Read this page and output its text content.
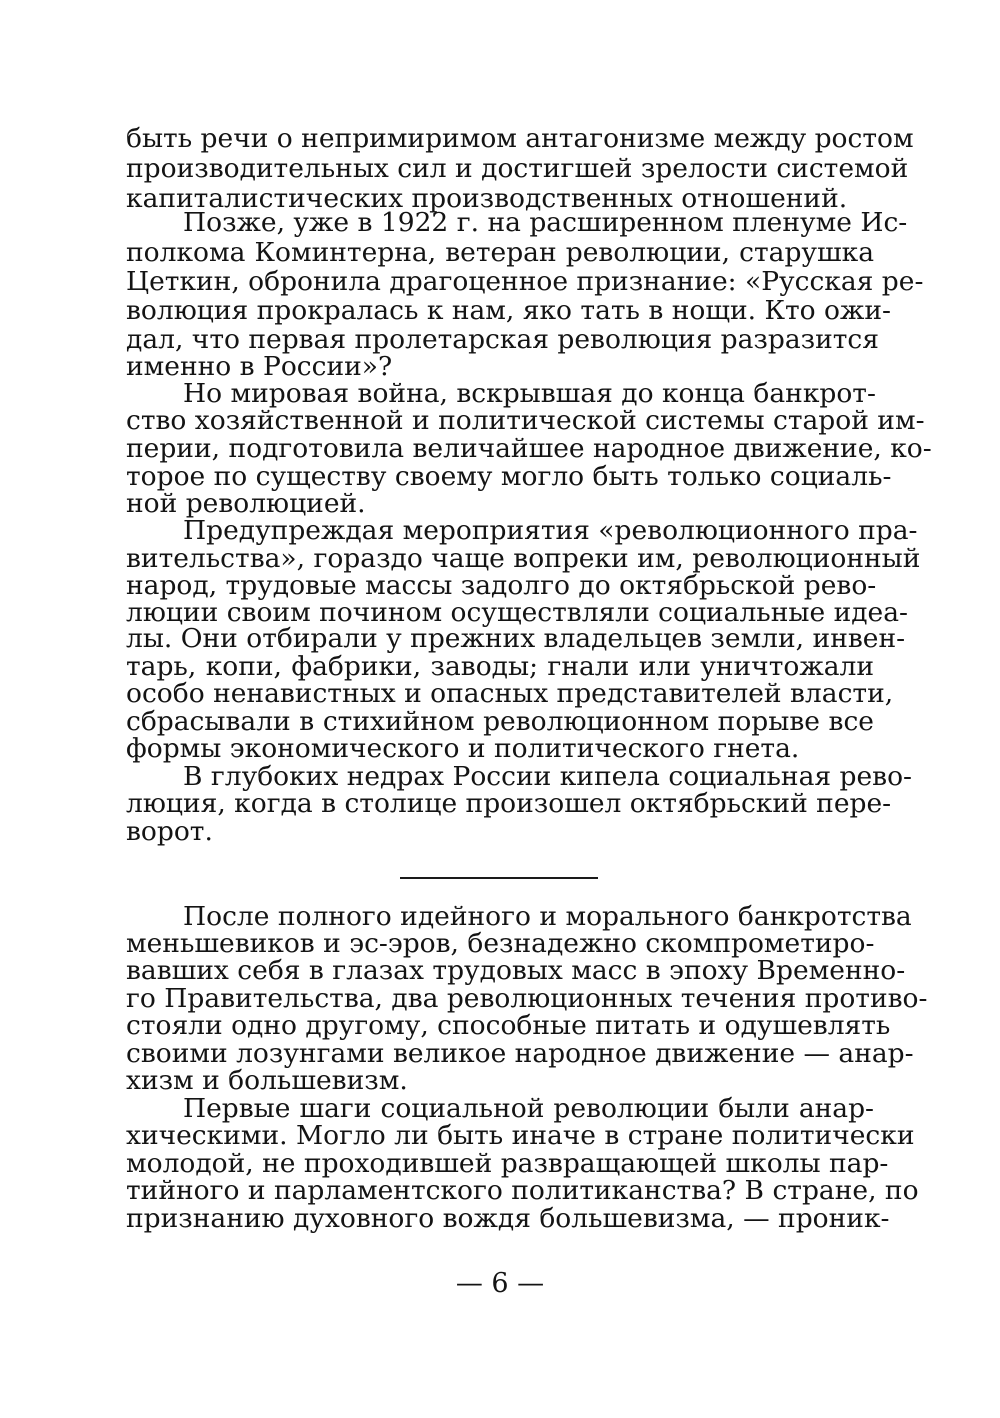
быть речи о непримиримом антагонизме между ростом
производительных сил и достигшей зрелости системой
капиталистических производственных отношений.
Позже, уже в 1922 г. на расширенном пленуме Ис-
полкома Коминтерна, ветеран революции, старушка
Цеткин, обронила драгоценное признание: «Русская ре-
волюция прокралась к нам, яко тать в нощи. Кто ожи-
дал, что первая пролетарская революция разразится
именно в России»?
Но мировая война, вскрывшая до конца банкрот-
ство хозяйственной и политической системы старой им-
перии, подготовила величайшее народное движение, ко-
торое по существу своему могло быть только социаль-
ной революцией.
Предупреждая мероприятия «революционного пра-
вительства», гораздо чаще вопреки им, революционный
народ, трудовые массы задолго до октябрьской рево-
люции своим почином осуществляли социальные идеа-
лы. Они отбирали у прежних владельцев земли, инвен-
тарь, копи, фабрики, заводы; гнали или уничтожали
особо ненавистных и опасных представителей власти,
сбрасывали в стихийном революционном порыве все
формы экономического и политического гнета.
В глубоких недрах России кипела социальная рево-
люция, когда в столице произошел октябрьский пере-
ворот.
После полного идейного и морального банкротства
меньшевиков и эс-эров, безнадежно скомпрометиро-
вавших себя в глазах трудовых масс в эпоху Временно-
го Правительства, два революционных течения противо-
стояли одно другому, способные питать и одушевлять
своими лозунгами великое народное движение — анар-
хизм и большевизм.
Первые шаги социальной революции были анар-
хическими. Могло ли быть иначе в стране политически
молодой, не проходившей развращающей школы пар-
тийного и парламентского политиканства? В стране, по
признанию духовного вождя большевизма, — проник-
— 6 —
